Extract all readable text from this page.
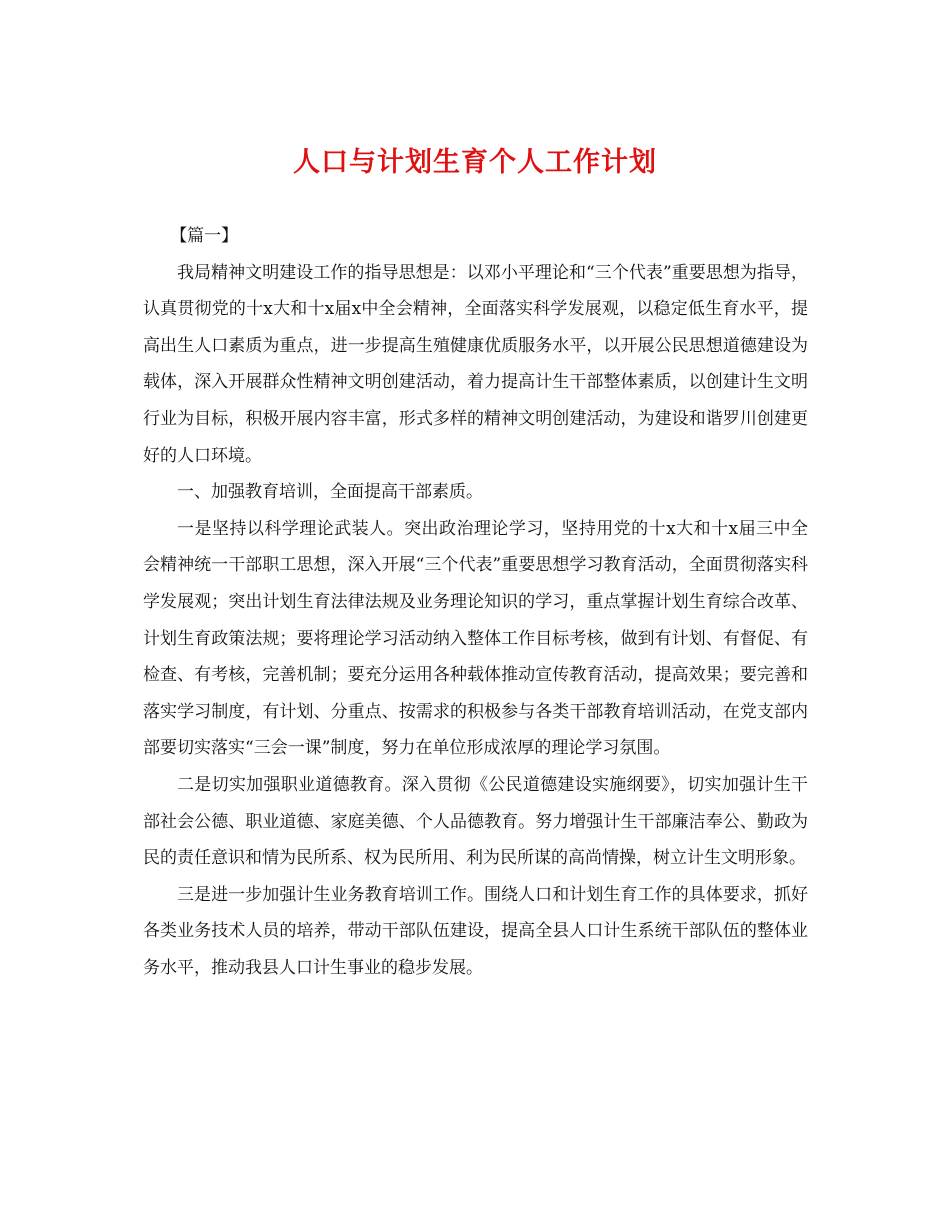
人口与计划生育个人工作计划

【篇一】

我局精神文明建设工作的指导思想是：以邓小平理论和“三个代表”重要思想为指导，认真贯彻党的十x大和十x届x中全会精神，全面落实科学发展观，以稳定低生育水平，提高出生人口素质为重点，进一步提高生殖健康优质服务水平，以开展公民思想道德建设为载体，深入开展群众性精神文明创建活动，着力提高计生干部整体素质，以创建计生文明行业为目标，积极开展内容丰富，形式多样的精神文明创建活动，为建设和谐罗川创建更好的人口环境。

一、加强教育培训，全面提高干部素质。

一是坚持以科学理论武装人。突出政治理论学习，坚持用党的十x大和十x届三中全会精神统一干部职工思想，深入开展“三个代表”重要思想学习教育活动，全面贯彻落实科学发展观；突出计划生育法律法规及业务理论知识的学习，重点掌握计划生育综合改革、计划生育政策法规；要将理论学习活动纳入整体工作目标考核，做到有计划、有督促、有检查、有考核，完善机制；要充分运用各种载体推动宣传教育活动，提高效果；要完善和落实学习制度，有计划、分重点、按需求的积极参与各类干部教育培训活动，在党支部内部要切实落实“三会一课”制度，努力在单位形成浓厚的理论学习氛围。

二是切实加强职业道德教育。深入贯彻《公民道德建设实施纲要》，切实加强计生干部社会公德、职业道德、家庭美德、个人品德教育。努力增强计生干部廉洁奉公、勤政为民的责任意识和情为民所系、权为民所用、利为民所谋的高尚情操，树立计生文明形象。

三是进一步加强计生业务教育培训工作。围绕人口和计划生育工作的具体要求，抓好各类业务技术人员的培养，带动干部队伍建设，提高全县人口计生系统干部队伍的整体业务水平，推动我县人口计生事业的稳步发展。
